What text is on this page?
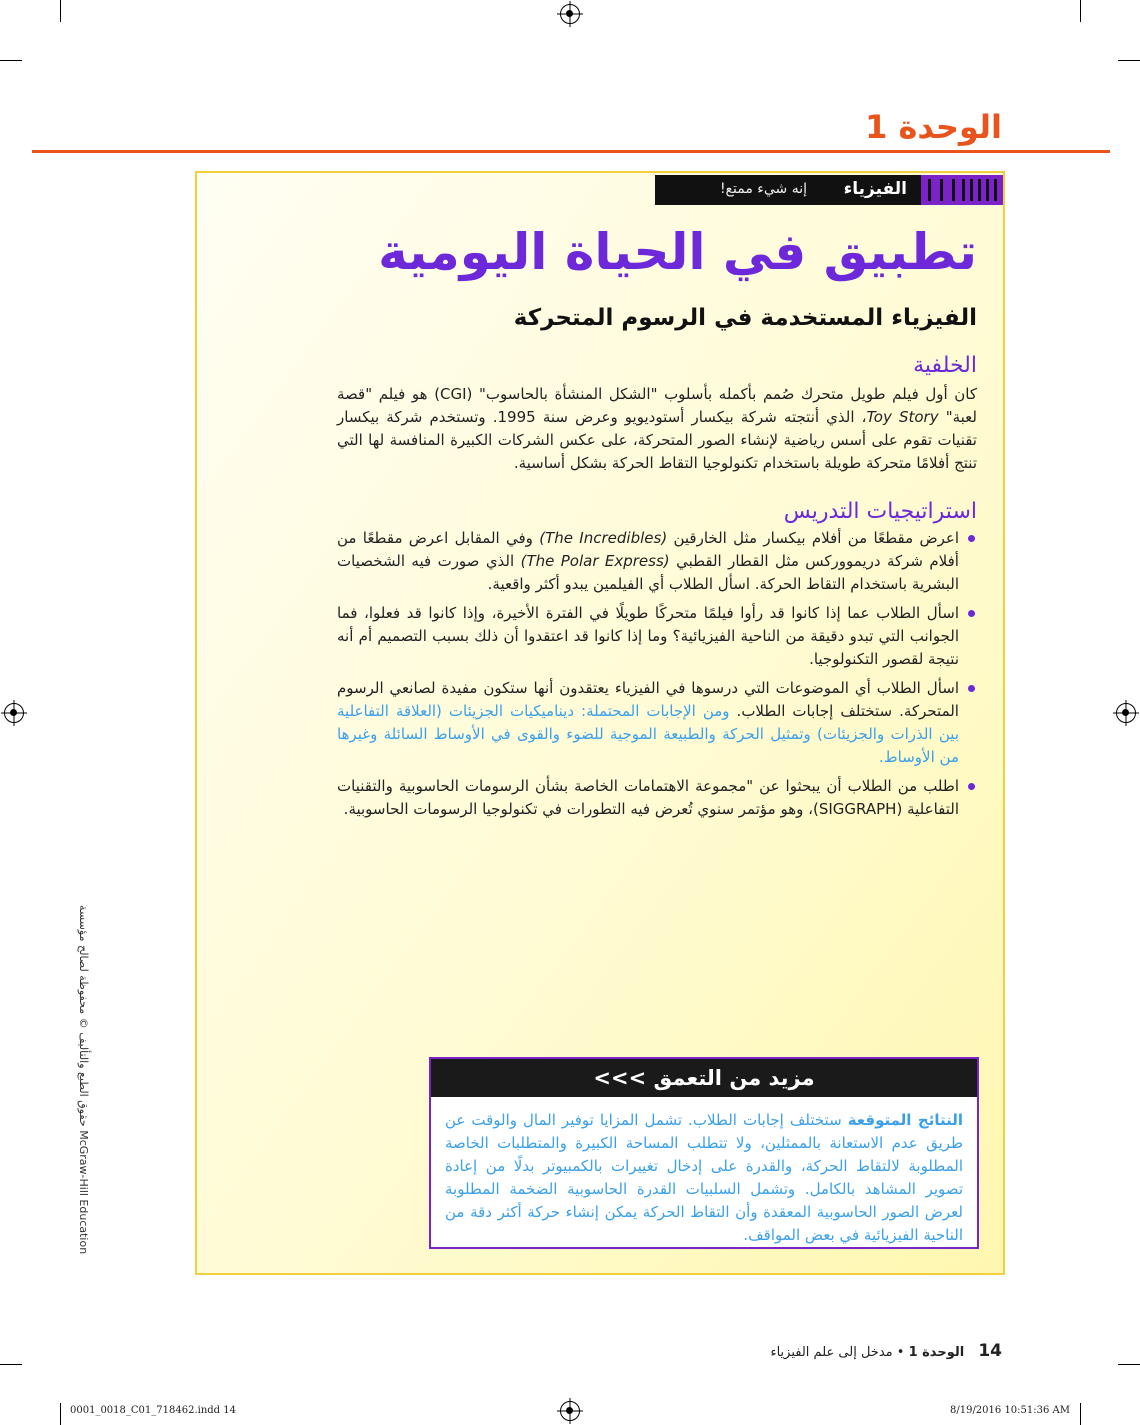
الوحدة 1
الفيزياء
إنه شيء ممتع!
تطبيق في الحياة اليومية
الفيزياء المستخدمة في الرسوم المتحركة
الخلفية
كان أول فيلم طويل متحرك صُمم بأكمله بأسلوب "الشكل المنشأة بالحاسوب" (CGI) هو فيلم "قصة لعبة" Toy Story، الذي أنتجته شركة بيكسار أستوديويو وعرض سنة 1995. وتستخدم شركة بيكسار تقنيات تقوم على أسس رياضية لإنشاء الصور المتحركة، على عكس الشركات الكبيرة المنافسة لها التي تنتج أفلامًا متحركة طويلة باستخدام تكنولوجيا التقاط الحركة بشكل أساسية.
استراتيجيات التدريس
اعرض مقطعًا من أفلام بيكسار مثل الخارقين (The Incredibles) وفي المقابل اعرض مقطعًا من أفلام شركة دريمووركس مثل القطار القطبي (The Polar Express) الذي صورت فيه الشخصيات البشرية باستخدام التقاط الحركة. اسأل الطلاب أي الفيلمين يبدو أكثر واقعية.
اسأل الطلاب عما إذا كانوا قد رأوا فيلمًا متحركًا طويلًا في الفترة الأخيرة، وإذا كانوا قد فعلوا، فما الجوانب التي تبدو دقيقة من الناحية الفيزيائية؟ وما إذا كانوا قد اعتقدوا أن ذلك بسبب التصميم أم أنه نتيجة لقصور التكنولوجيا.
اسأل الطلاب أي الموضوعات التي درسوها في الفيزياء يعتقدون أنها ستكون مفيدة لصانعي الرسوم المتحركة. ستختلف إجابات الطلاب. ومن الإجابات المحتملة: ديناميكيات الجزيئات (العلاقة التفاعلية بين الذرات والجزيئات) وتمثيل الحركة والطبيعة الموجية للضوء والقوى في الأوساط السائلة وغيرها من الأوساط.
اطلب من الطلاب أن يبحثوا عن "مجموعة الاهتمامات الخاصة بشأن الرسومات الحاسوبية والتقنيات التفاعلية (SIGGRAPH)، وهو مؤتمر سنوي تُعرض فيه التطورات في تكنولوجيا الرسومات الحاسوبية.
مزيد من التعمق >>>
النتائج المتوقعة ستختلف إجابات الطلاب. تشمل المزايا توفير المال والوقت عن طريق عدم الاستعانة بالممثلين، ولا تتطلب المساحة الكبيرة والمتطلبات الخاصة المطلوبة لالتقاط الحركة، والقدرة على إدخال تغييرات بالكمبيوتر بدلًا من إعادة تصوير المشاهد بالكامل. وتشمل السلبيات القدرة الحاسوبية الضخمة المطلوبة لعرض الصور الحاسوبية المعقدة وأن التقاط الحركة يمكن إنشاء حركة أكثر دقة من الناحية الفيزيائية في بعض المواقف.
حقوق الطبع والتأليف © محفوظة لصالح مؤسسة McGraw-Hill Education
14 الوحدة 1 • مدخل إلى علم الفيزياء
0001_0018_C01_718462.indd 14	8/19/2016 10:51:36 AM
